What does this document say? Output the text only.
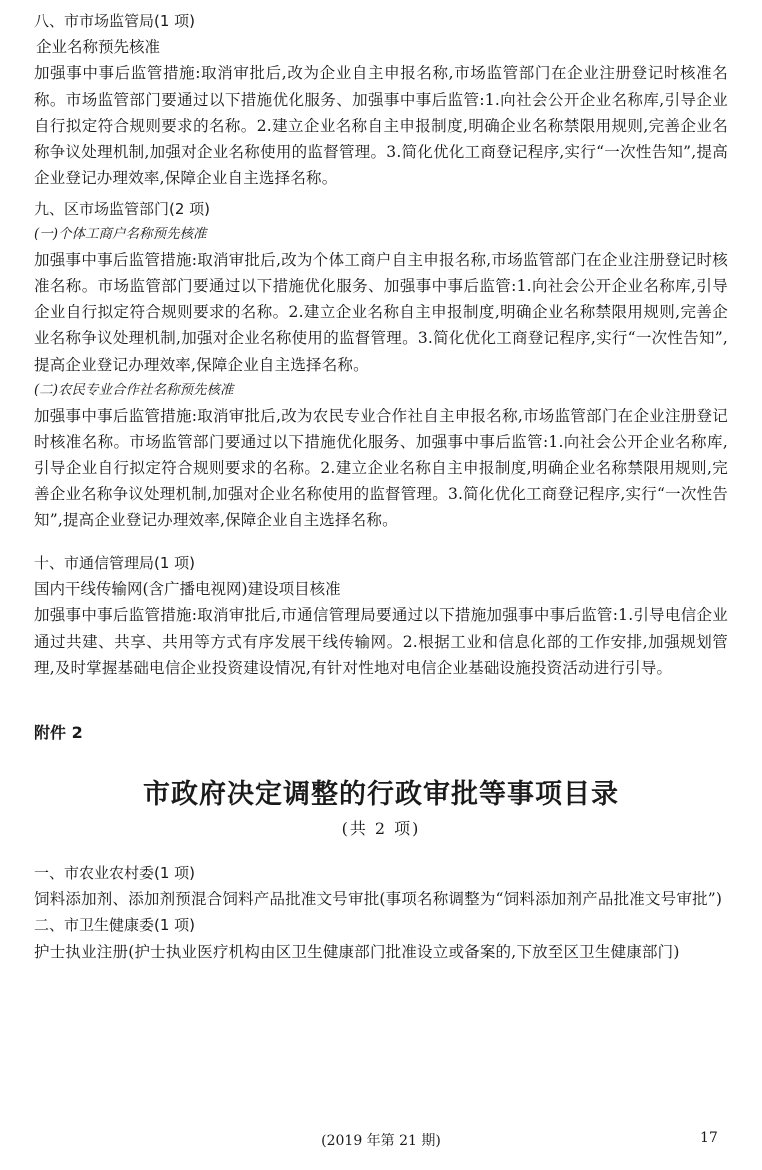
八、市市场监管局(1 项)

企业名称预先核准

加强事中事后监管措施:取消审批后,改为企业自主申报名称,市场监管部门在企业注册登记时核准名称。市场监管部门要通过以下措施优化服务、加强事中事后监管:1.向社会公开企业名称库,引导企业自行拟定符合规则要求的名称。2.建立企业名称自主申报制度,明确企业名称禁限用规则,完善企业名称争议处理机制,加强对企业名称使用的监督管理。3.简化优化工商登记程序,实行“一次性告知”,提高企业登记办理效率,保障企业自主选择名称。

九、区市场监管部门(2 项)

(一)个体工商户名称预先核准

加强事中事后监管措施:取消审批后,改为个体工商户自主申报名称,市场监管部门在企业注册登记时核准名称。市场监管部门要通过以下措施优化服务、加强事中事后监管:1.向社会公开企业名称库,引导企业自行拟定符合规则要求的名称。2.建立企业名称自主申报制度,明确企业名称禁限用规则,完善企业名称争议处理机制,加强对企业名称使用的监督管理。3.简化优化工商登记程序,实行“一次性告知”,提高企业登记办理效率,保障企业自主选择名称。

(二)农民专业合作社名称预先核准

加强事中事后监管措施:取消审批后,改为农民专业合作社自主申报名称,市场监管部门在企业注册登记时核准名称。市场监管部门要通过以下措施优化服务、加强事中事后监管:1.向社会公开企业名称库,引导企业自行拟定符合规则要求的名称。2.建立企业名称自主申报制度,明确企业名称禁限用规则,完善企业名称争议处理机制,加强对企业名称使用的监督管理。3.简化优化工商登记程序,实行“一次性告知”,提高企业登记办理效率,保障企业自主选择名称。

十、市通信管理局(1 项)

国内干线传输网(含广播电视网)建设项目核准

加强事中事后监管措施:取消审批后,市通信管理局要通过以下措施加强事中事后监管:1.引导电信企业通过共建、共享、共用等方式有序发展干线传输网。2.根据工业和信息化部的工作安排,加强规划管理,及时掌握基础电信企业投资建设情况,有针对性地对电信企业基础设施投资活动进行引导。

附件 2
市政府决定调整的行政审批等事项目录
(共 2 项)

一、市农业农村委(1 项)

饲料添加剂、添加剂预混合饲料产品批准文号审批(事项名称调整为“饲料添加剂产品批准文号审批”)

二、市卫生健康委(1 项)

护士执业注册(护士执业医疗机构由区卫生健康部门批准设立或备案的,下放至区卫生健康部门)

(2019 年第 21 期)	17
